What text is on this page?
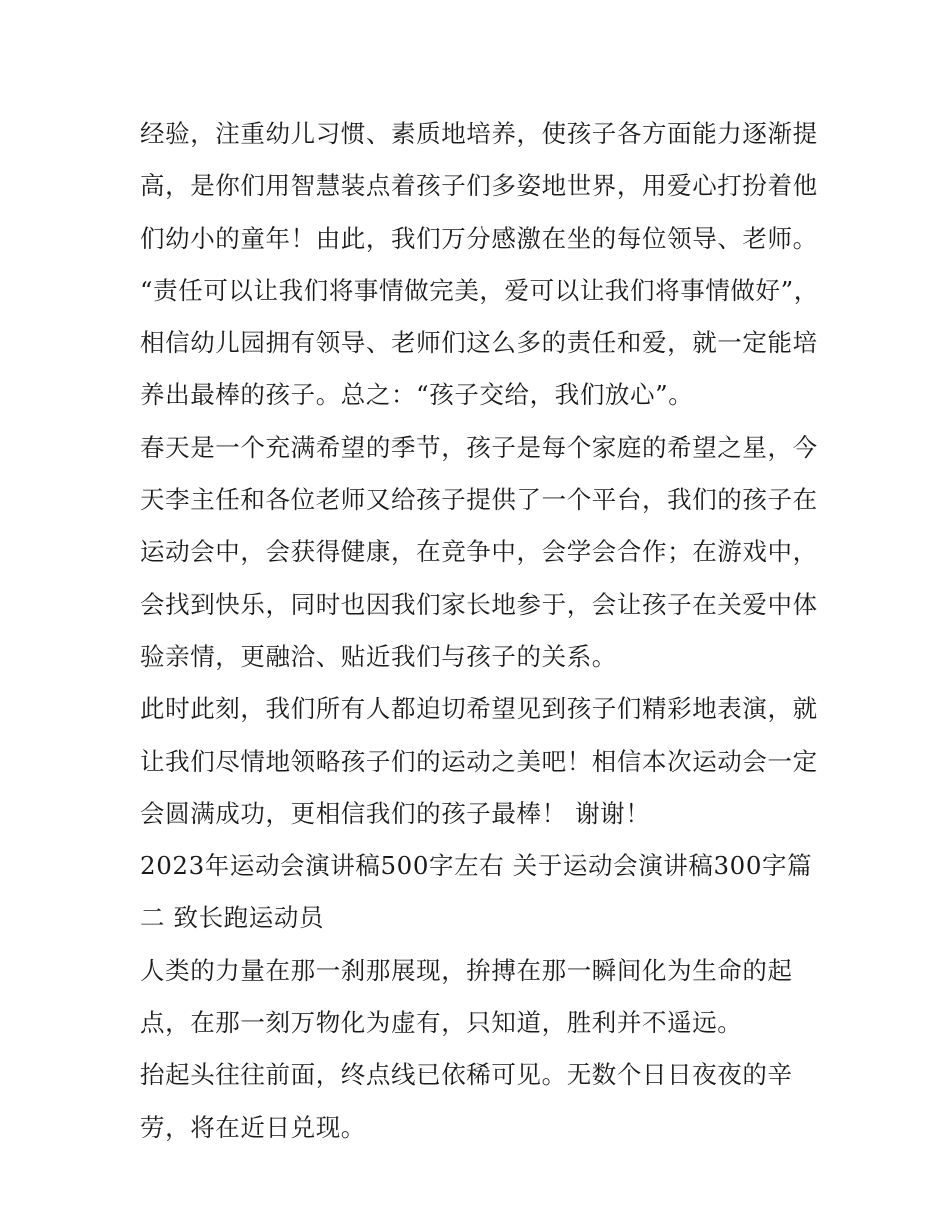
经验，注重幼儿习惯、素质地培养，使孩子各方面能力逐渐提
高，是你们用智慧装点着孩子们多姿地世界，用爱心打扮着他
们幼小的童年！由此，我们万分感激在坐的每位领导、老师。
“责任可以让我们将事情做完美，爱可以让我们将事情做好”，
相信幼儿园拥有领导、老师们这么多的责任和爱，就一定能培
养出最棒的孩子。总之：“孩子交给，我们放心”。
春天是一个充满希望的季节，孩子是每个家庭的希望之星，今
天李主任和各位老师又给孩子提供了一个平台，我们的孩子在
运动会中，会获得健康，在竞争中，会学会合作；在游戏中，
会找到快乐，同时也因我们家长地参于，会让孩子在关爱中体
验亲情，更融洽、贴近我们与孩子的关系。
此时此刻，我们所有人都迫切希望见到孩子们精彩地表演，就
让我们尽情地领略孩子们的运动之美吧！相信本次运动会一定
会圆满成功，更相信我们的孩子最棒！ 谢谢！
2023年运动会演讲稿500字左右 关于运动会演讲稿300字篇
二 致长跑运动员
人类的力量在那一刹那展现，拚搏在那一瞬间化为生命的起
点，在那一刻万物化为虚有，只知道，胜利并不遥远。
抬起头往往前面，终点线已依稀可见。无数个日日夜夜的辛
劳，将在近日兑现。
